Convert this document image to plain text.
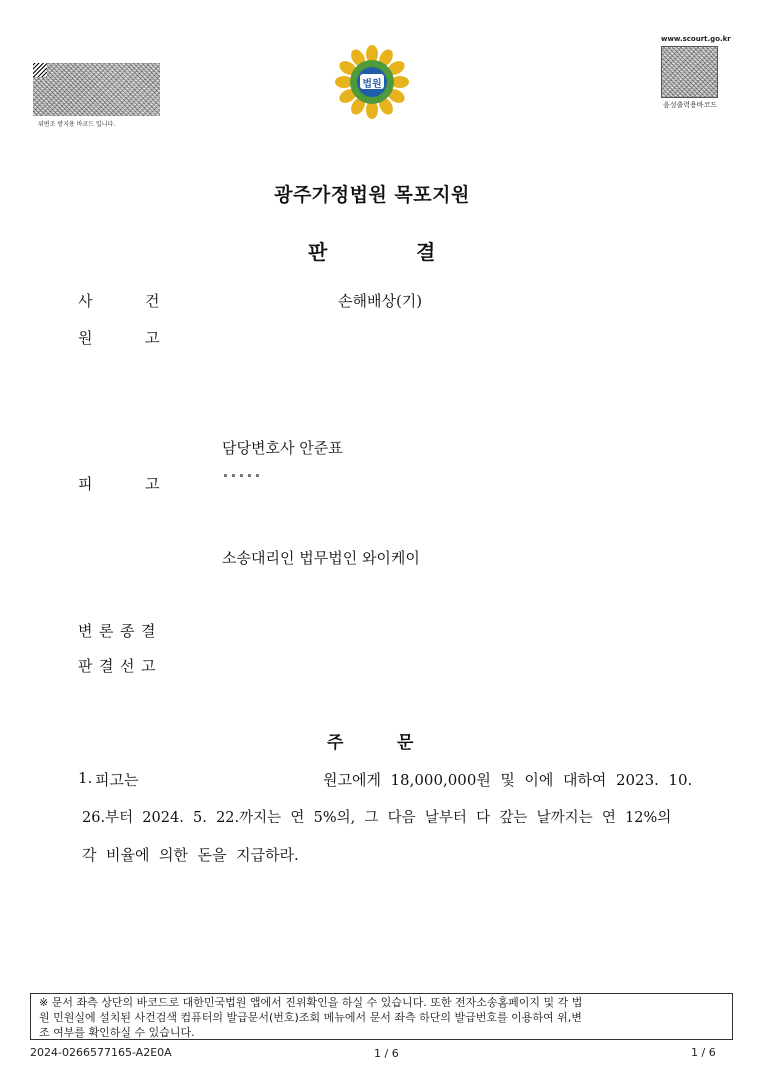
위변조 방지용 바코드 입니다.
법원
www.scourt.go.kr
음성출력용바코드
광주가정법원 목포지원
판	결
사	건	손해배상(기)
원	고
담당변호사 안준표
피	고
소송대리인 법무법인 와이케이
변 론 종 결
판 결 선 고
주	문
1. 피고는	원고에게  18,000,000원  및  이에  대하여  2023.  10.
26.부터  2024.  5.  22.까지는  연  5%의,  그  다음  날부터  다  갚는  날까지는  연  12%의
각  비율에  의한  돈을  지급하라.
※ 문서 좌측 상단의 바코드로 대한민국법원 앱에서 진위확인을 하실 수 있습니다. 또한 전자소송홈페이지 및 각 법
원 민원실에 설치된 사건검색 컴퓨터의 발급문서(번호)조회 메뉴에서 문서 좌측 하단의 발급번호를 이용하여 위,변
조 여부를 확인하실 수 있습니다.
2024-0266577165-A2E0A	1 / 6	1 / 6
